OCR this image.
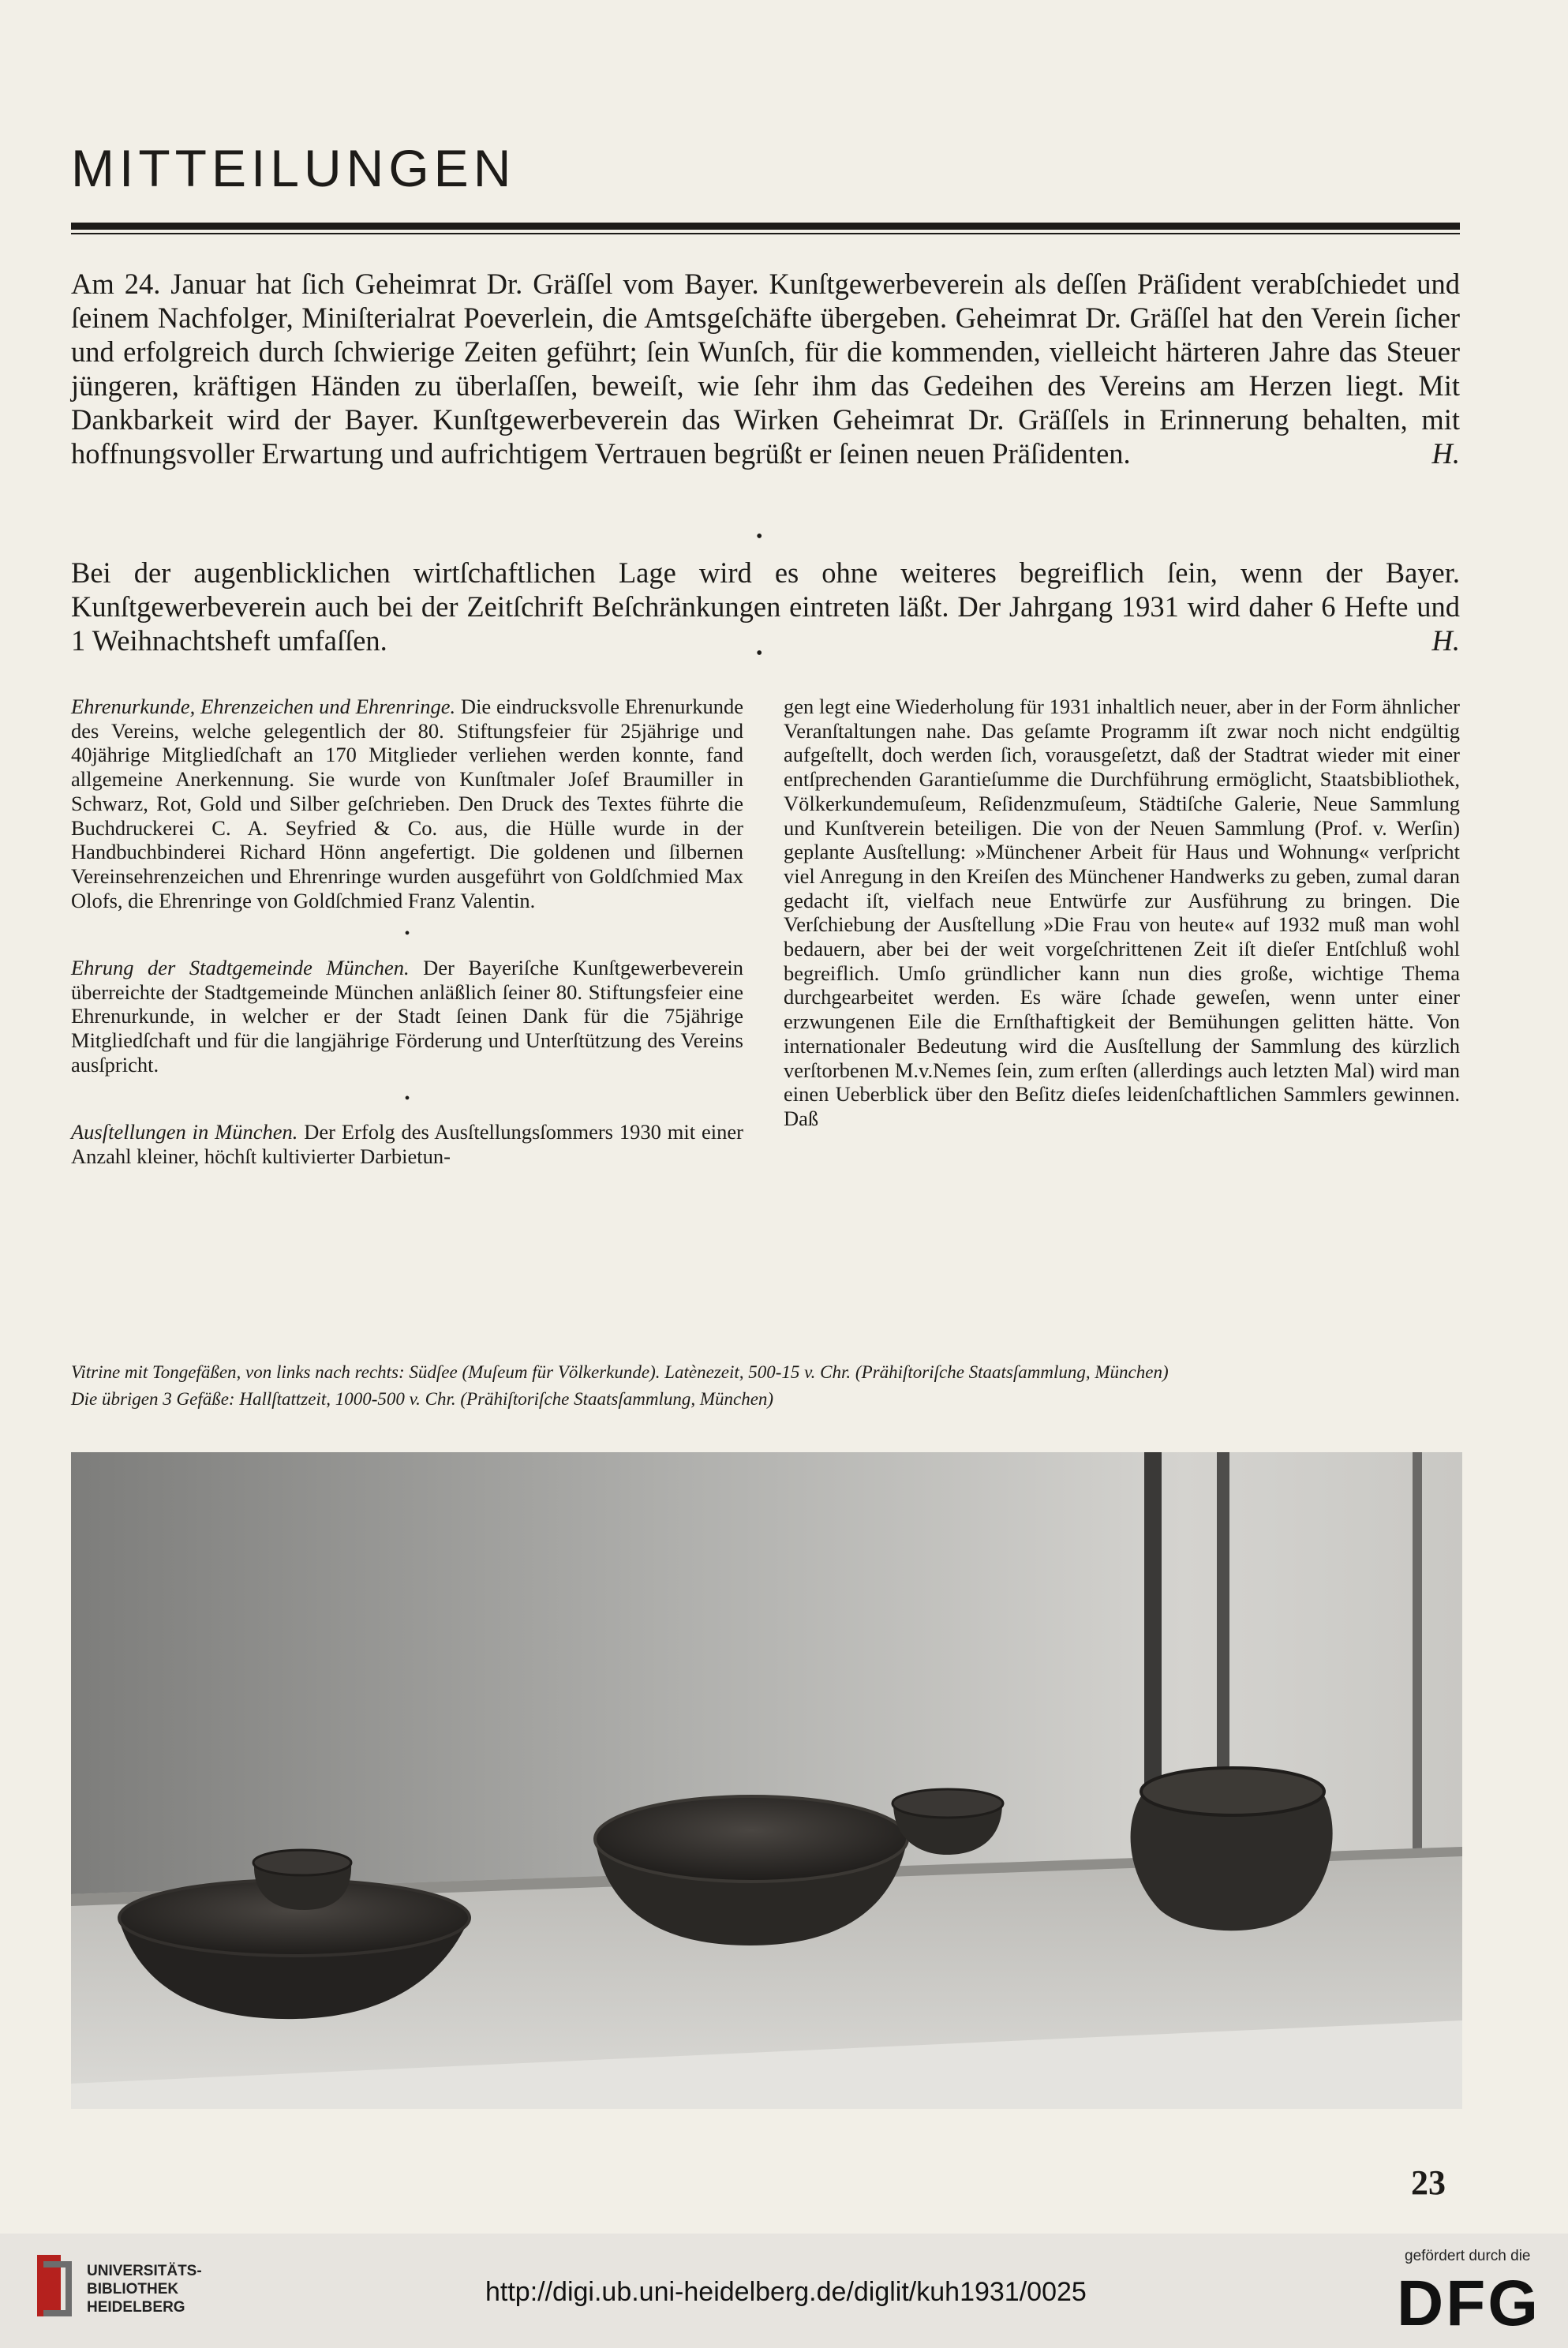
MITTEILUNGEN

Am 24. Januar hat ſich Geheimrat Dr. Gräſſel vom Bayer. Kunſtgewerbeverein als deſſen Präſident verabſchiedet und ſeinem Nachfolger, Miniſterialrat Poeverlein, die Amtsgeſchäfte übergeben. Geheimrat Dr. Gräſſel hat den Verein ſicher und erfolgreich durch ſchwierige Zeiten geführt; ſein Wunſch, für die kommenden, vielleicht härteren Jahre das Steuer jüngeren, kräftigen Händen zu überlaſſen, beweiſt, wie ſehr ihm das Gedeihen des Vereins am Herzen liegt. Mit Dankbarkeit wird der Bayer. Kunſtgewerbeverein das Wirken Geheimrat Dr. Gräſſels in Erinnerung behalten, mit hoffnungsvoller Erwartung und aufrichtigem Vertrauen begrüßt er ſeinen neuen Präſidenten.	H.

•

Bei der augenblicklichen wirtſchaftlichen Lage wird es ohne weiteres begreiflich ſein, wenn der Bayer. Kunſtgewerbeverein auch bei der Zeitſchrift Beſchränkungen eintreten läßt. Der Jahrgang 1931 wird daher 6 Hefte und 1 Weihnachtsheft umfaſſen.	H.

•

Ehrenurkunde, Ehrenzeichen und Ehrenringe. Die eindrucksvolle Ehrenurkunde des Vereins, welche gelegentlich der 80. Stiftungsfeier für 25jährige und 40jährige Mitgliedſchaft an 170 Mitglieder verliehen werden konnte, fand allgemeine Anerkennung. Sie wurde von Kunſtmaler Joſef Braumiller in Schwarz, Rot, Gold und Silber geſchrieben. Den Druck des Textes führte die Buchdruckerei C. A. Seyfried & Co. aus, die Hülle wurde in der Handbuchbinderei Richard Hönn angefertigt. Die goldenen und ſilbernen Vereinsehrenzeichen und Ehrenringe wurden ausgeführt von Goldſchmied Max Olofs, die Ehrenringe von Goldſchmied Franz Valentin.

•

Ehrung der Stadtgemeinde München. Der Bayeriſche Kunſtgewerbeverein überreichte der Stadtgemeinde München anläßlich ſeiner 80. Stiftungsfeier eine Ehrenurkunde, in welcher er der Stadt ſeinen Dank für die 75jährige Mitgliedſchaft und für die langjährige Förderung und Unterſtützung des Vereins ausſpricht.

•

Ausſtellungen in München. Der Erfolg des Ausſtellungsſommers 1930 mit einer Anzahl kleiner, höchſt kultivierter Darbietun-

gen legt eine Wiederholung für 1931 inhaltlich neuer, aber in der Form ähnlicher Veranſtaltungen nahe. Das geſamte Programm iſt zwar noch nicht endgültig aufgeſtellt, doch werden ſich, vorausgeſetzt, daß der Stadtrat wieder mit einer entſprechenden Garantieſumme die Durchführung ermöglicht, Staatsbibliothek, Völkerkundemuſeum, Reſidenzmuſeum, Städtiſche Galerie, Neue Sammlung und Kunſtverein beteiligen. Die von der Neuen Sammlung (Prof. v. Werſin) geplante Ausſtellung: »Münchener Arbeit für Haus und Wohnung« verſpricht viel Anregung in den Kreiſen des Münchener Handwerks zu geben, zumal daran gedacht iſt, vielfach neue Entwürfe zur Ausführung zu bringen. Die Verſchiebung der Ausſtellung »Die Frau von heute« auf 1932 muß man wohl bedauern, aber bei der weit vorgeſchrittenen Zeit iſt dieſer Entſchluß wohl begreiflich. Umſo gründlicher kann nun dies große, wichtige Thema durchgearbeitet werden. Es wäre ſchade geweſen, wenn unter einer erzwungenen Eile die Ernſthaftigkeit der Bemühungen gelitten hätte. Von internationaler Bedeutung wird die Ausſtellung der Sammlung des kürzlich verſtorbenen M.v.Nemes ſein, zum erſten (allerdings auch letzten Mal) wird man einen Ueberblick über den Beſitz dieſes leidenſchaftlichen Sammlers gewinnen. Daß

Vitrine mit Tongefäßen, von links nach rechts: Südſee (Muſeum für Völkerkunde). Latènezeit, 500-15 v. Chr. (Prähiſtoriſche Staatsſammlung, München)
Die übrigen 3 Gefäße: Hallſtattzeit, 1000-500 v. Chr. (Prähiſtoriſche Staatsſammlung, München)
23
UNIVERSITÄTS-
BIBLIOTHEK
HEIDELBERG
http://digi.ub.uni-heidelberg.de/diglit/kuh1931/0025
gefördert durch die
DFG
